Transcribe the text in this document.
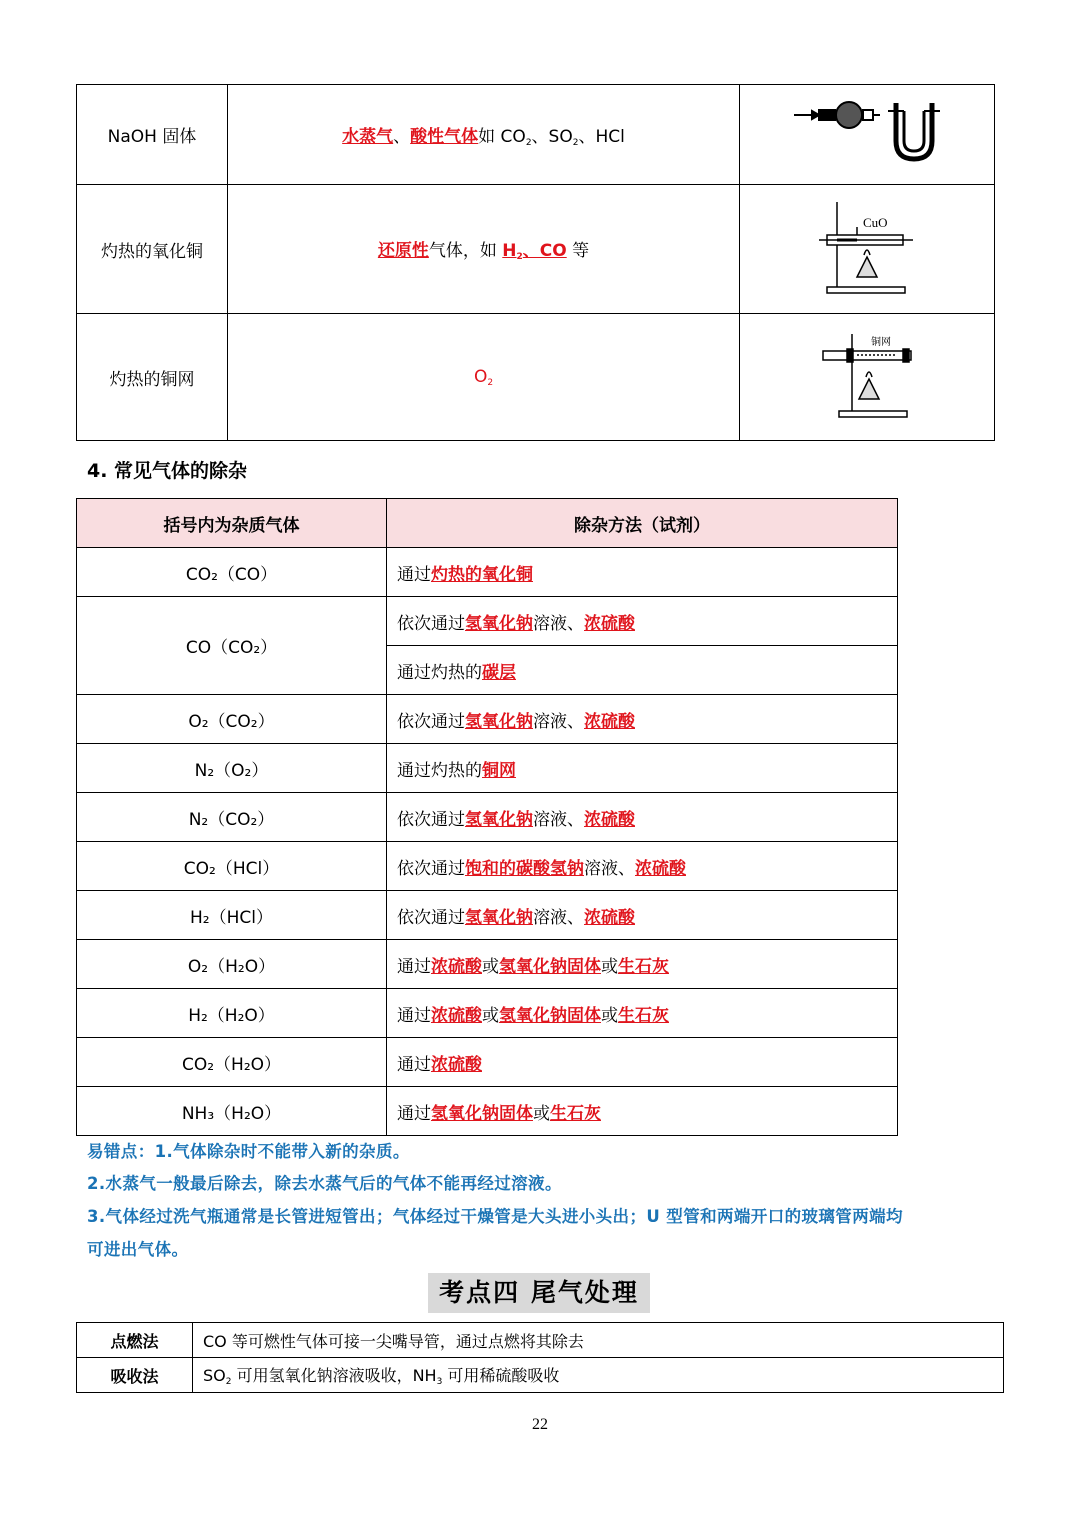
NaOH 固体	水蒸气、酸性气体如 $CO_2$、$SO_2$、HCl	
灼热的氧化铜	还原性气体，如 $H_2$、CO 等	CuO

灼热的铜网	$O_2$	铜网
4. 常见气体的除杂
括号内为杂质气体	除杂方法（试剂）
CO₂（CO）	通过灼热的氧化铜
CO（CO₂）	依次通过氢氧化钠溶液、浓硫酸
	通过灼热的碳层
O₂（CO₂）	依次通过氢氧化钠溶液、浓硫酸
N₂（O₂）	通过灼热的铜网
N₂（CO₂）	依次通过氢氧化钠溶液、浓硫酸
CO₂（HCl）	依次通过饱和的碳酸氢钠溶液、浓硫酸
H₂（HCl）	依次通过氢氧化钠溶液、浓硫酸
O₂（H₂O）	通过浓硫酸或氢氧化钠固体或生石灰
H₂（H₂O）	通过浓硫酸或氢氧化钠固体或生石灰
CO₂（H₂O）	通过浓硫酸
NH₃（H₂O）	通过氢氧化钠固体或生石灰
易错点：1.气体除杂时不能带入新的杂质。
2.水蒸气一般最后除去，除去水蒸气后的气体不能再经过溶液。
3.气体经过洗气瓶通常是长管进短管出；气体经过干燥管是大头进小头出；U 型管和两端开口的玻璃管两端均
可进出气体。
考点四 尾气处理
点燃法	CO 等可燃性气体可接一尖嘴导管，通过点燃将其除去
吸收法	$SO_2$ 可用氢氧化钠溶液吸收，$NH_3$ 可用稀硫酸吸收
22
